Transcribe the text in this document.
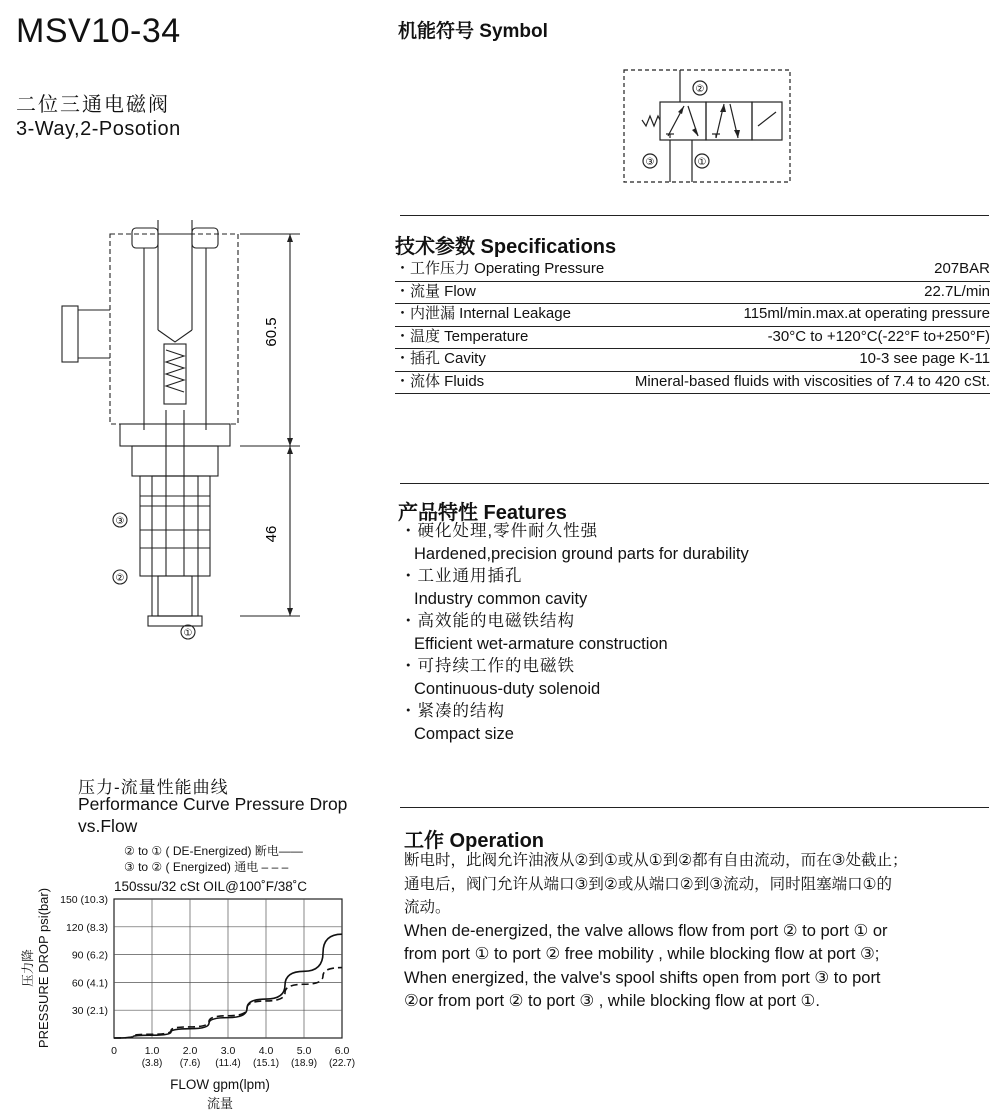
MSV10-34
二位三通电磁阀
3-Way,2-Posotion
机能符号 Symbol
②
③	①
60.5
46
③
②
①
技术参数 Specifications
・工作压力 Operating Pressure	207BAR
・流量 Flow	22.7L/min
・内泄漏 Internal Leakage	115ml/min.max.at operating pressure
・温度 Temperature	-30°C to +120°C(-22°F to+250°F)
・插孔 Cavity	10-3 see page K-11
・流体 Fluids	Mineral-based fluids with viscosities of 7.4 to 420 cSt.
产品特性 Features
・硬化处理,零件耐久性强
Hardened,precision ground parts for durability
・工业通用插孔
Industry common cavity
・高效能的电磁铁结构
Efficient wet-armature construction
・可持续工作的电磁铁
Continuous-duty solenoid
・紧凑的结构
Compact size
工作 Operation
断电时，此阀允许油液从②到①或从①到②都有自由流动，而在③处截止；
通电后，阀门允许从端口③到②或从端口②到③流动，同时阻塞端口①的
流动。
When de-energized, the valve allows flow from port ② to port ① or
from port ① to port ② free mobility , while blocking flow at port ③;
When energized, the valve's spool shifts open from port ③ to port
②or from port ② to port ③ , while blocking flow at port ①.
压力-流量性能曲线
Performance Curve Pressure Drop vs.Flow
② to ① ( DE-Energized) 断电——
③ to ② ( Energized) 通电 – – –
150ssu/32 cSt OIL@100˚F/38˚C
0	1.0
(3.8)
2.0
(7.6)
3.0
(11.4)
4.0
(15.1)
5.0
(18.9)
6.0
(22.7)
30 (2.1)
60 (4.1)
90 (6.2)
120 (8.3)
150 (10.3)
FLOW gpm(lpm)
流量
PRESSURE DROP psi(bar)
压力降
